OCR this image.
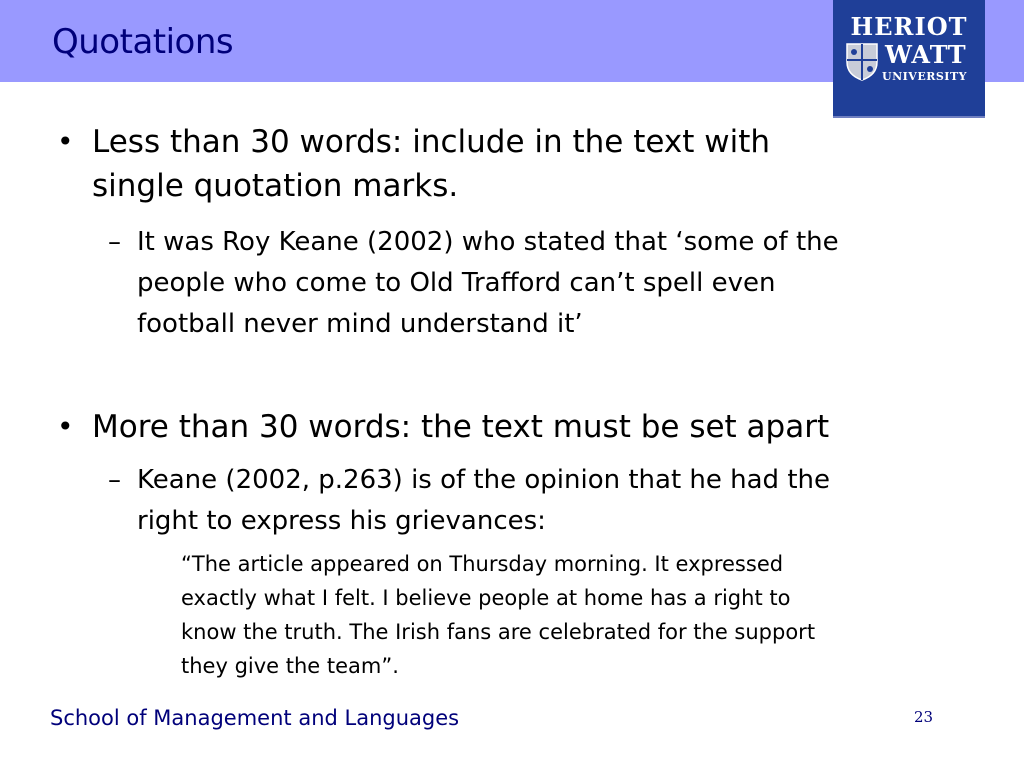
Quotations	HERIOT
WATT
UNIVERSITY
• Less than 30 words: include in the text with
single quotation marks.
– It was Roy Keane (2002) who stated that ‘some of the
people who come to Old Trafford can’t spell even
football never mind understand it’
• More than 30 words: the text must be set apart
– Keane (2002, p.263) is of the opinion that he had the
right to express his grievances:
“The article appeared on Thursday morning. It expressed
exactly what I felt. I believe people at home has a right to
know the truth. The Irish fans are celebrated for the support
they give the team”.
School of Management and Languages	23
